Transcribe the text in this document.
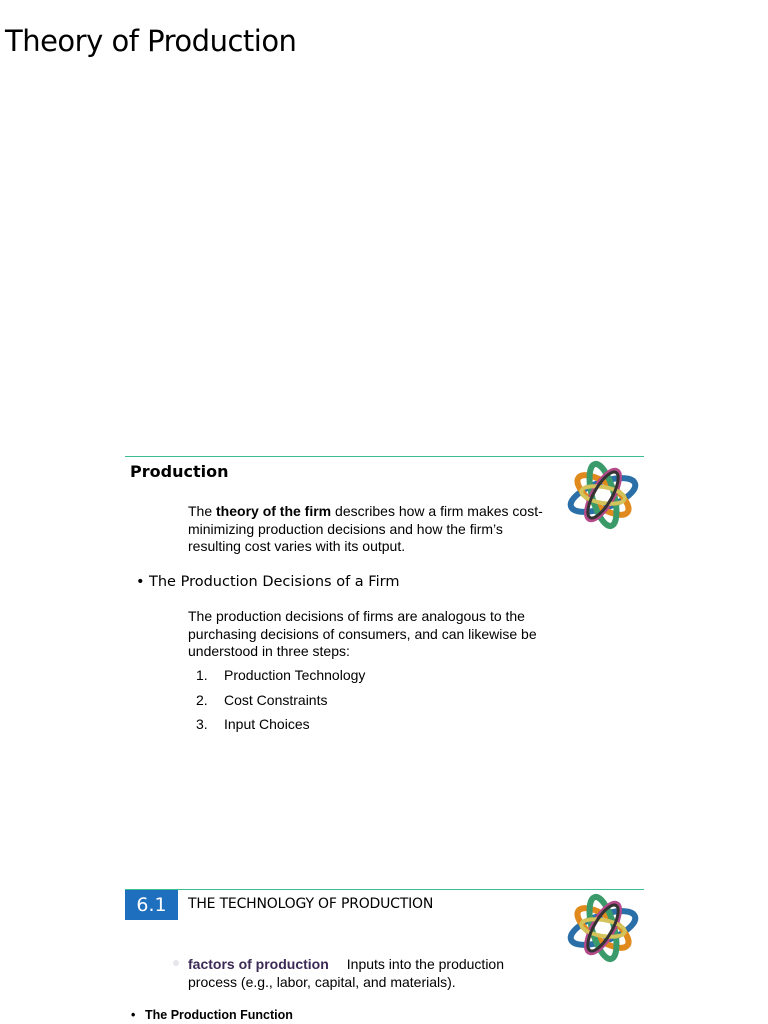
Theory of Production
Production

The theory of the firm describes how a firm makes cost-minimizing production decisions and how the firm’s resulting cost varies with its output.

• The Production Decisions of a Firm

The production decisions of firms are analogous to the purchasing decisions of consumers, and can likewise be understood in three steps:

1. Production Technology
2. Cost Constraints
3. Input Choices
6.1	THE TECHNOLOGY OF PRODUCTION

factors of production Inputs into the production process (e.g., labor, capital, and materials).

• The Production Function
